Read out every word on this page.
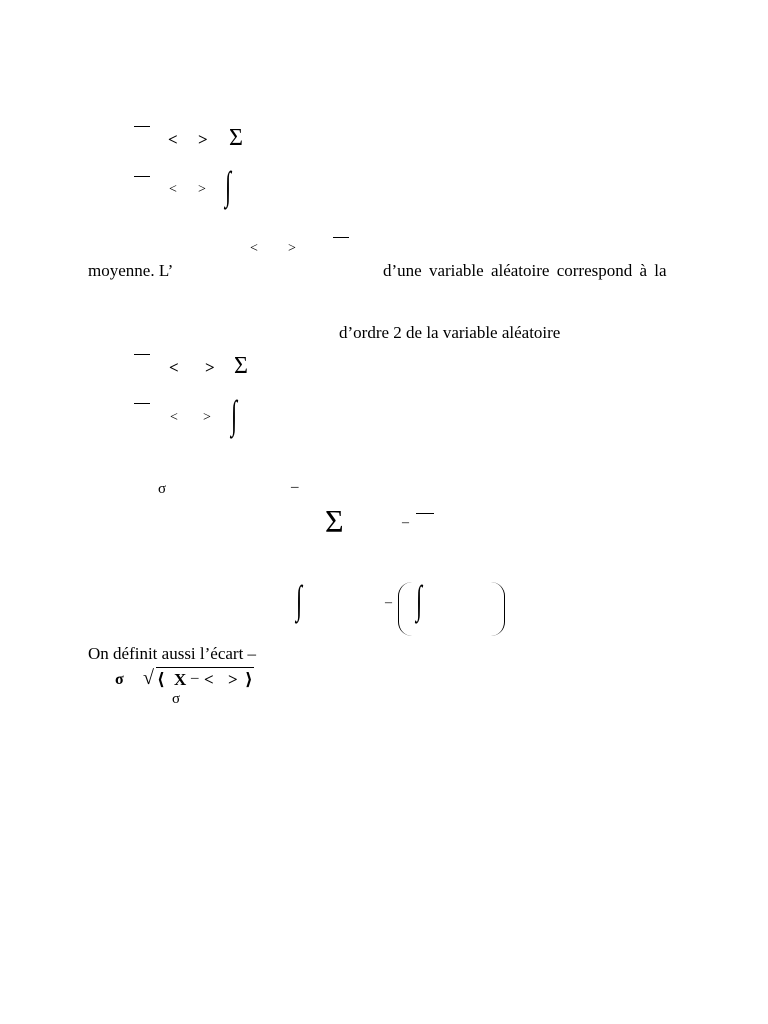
< > Σ
< > ∫
< >
moyenne. L’	d’une variable aléatoire correspond à la
d’ordre 2 de la variable aléatoire
< > Σ
< > ∫
σ	–
Σ	–
∫	– ∫
On définit aussi l’écart –
σ √ ⟨ X – < > ⟩
σ
